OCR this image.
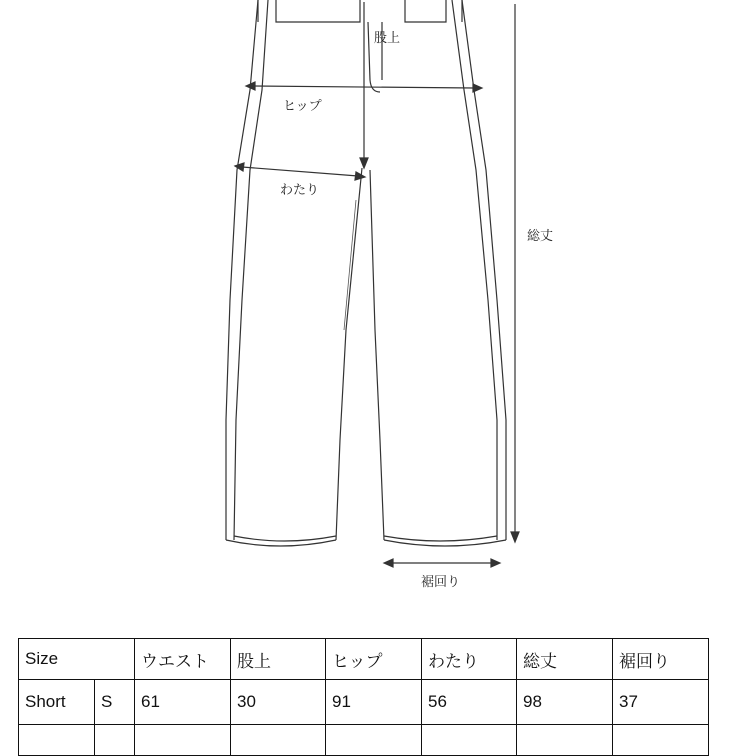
股上
ヒップ
わたり
総丈
裾回り
Size		ウエスト	股上	ヒップ	わたり	総丈	裾回り
Short	S	61	30	91	56	98	37
